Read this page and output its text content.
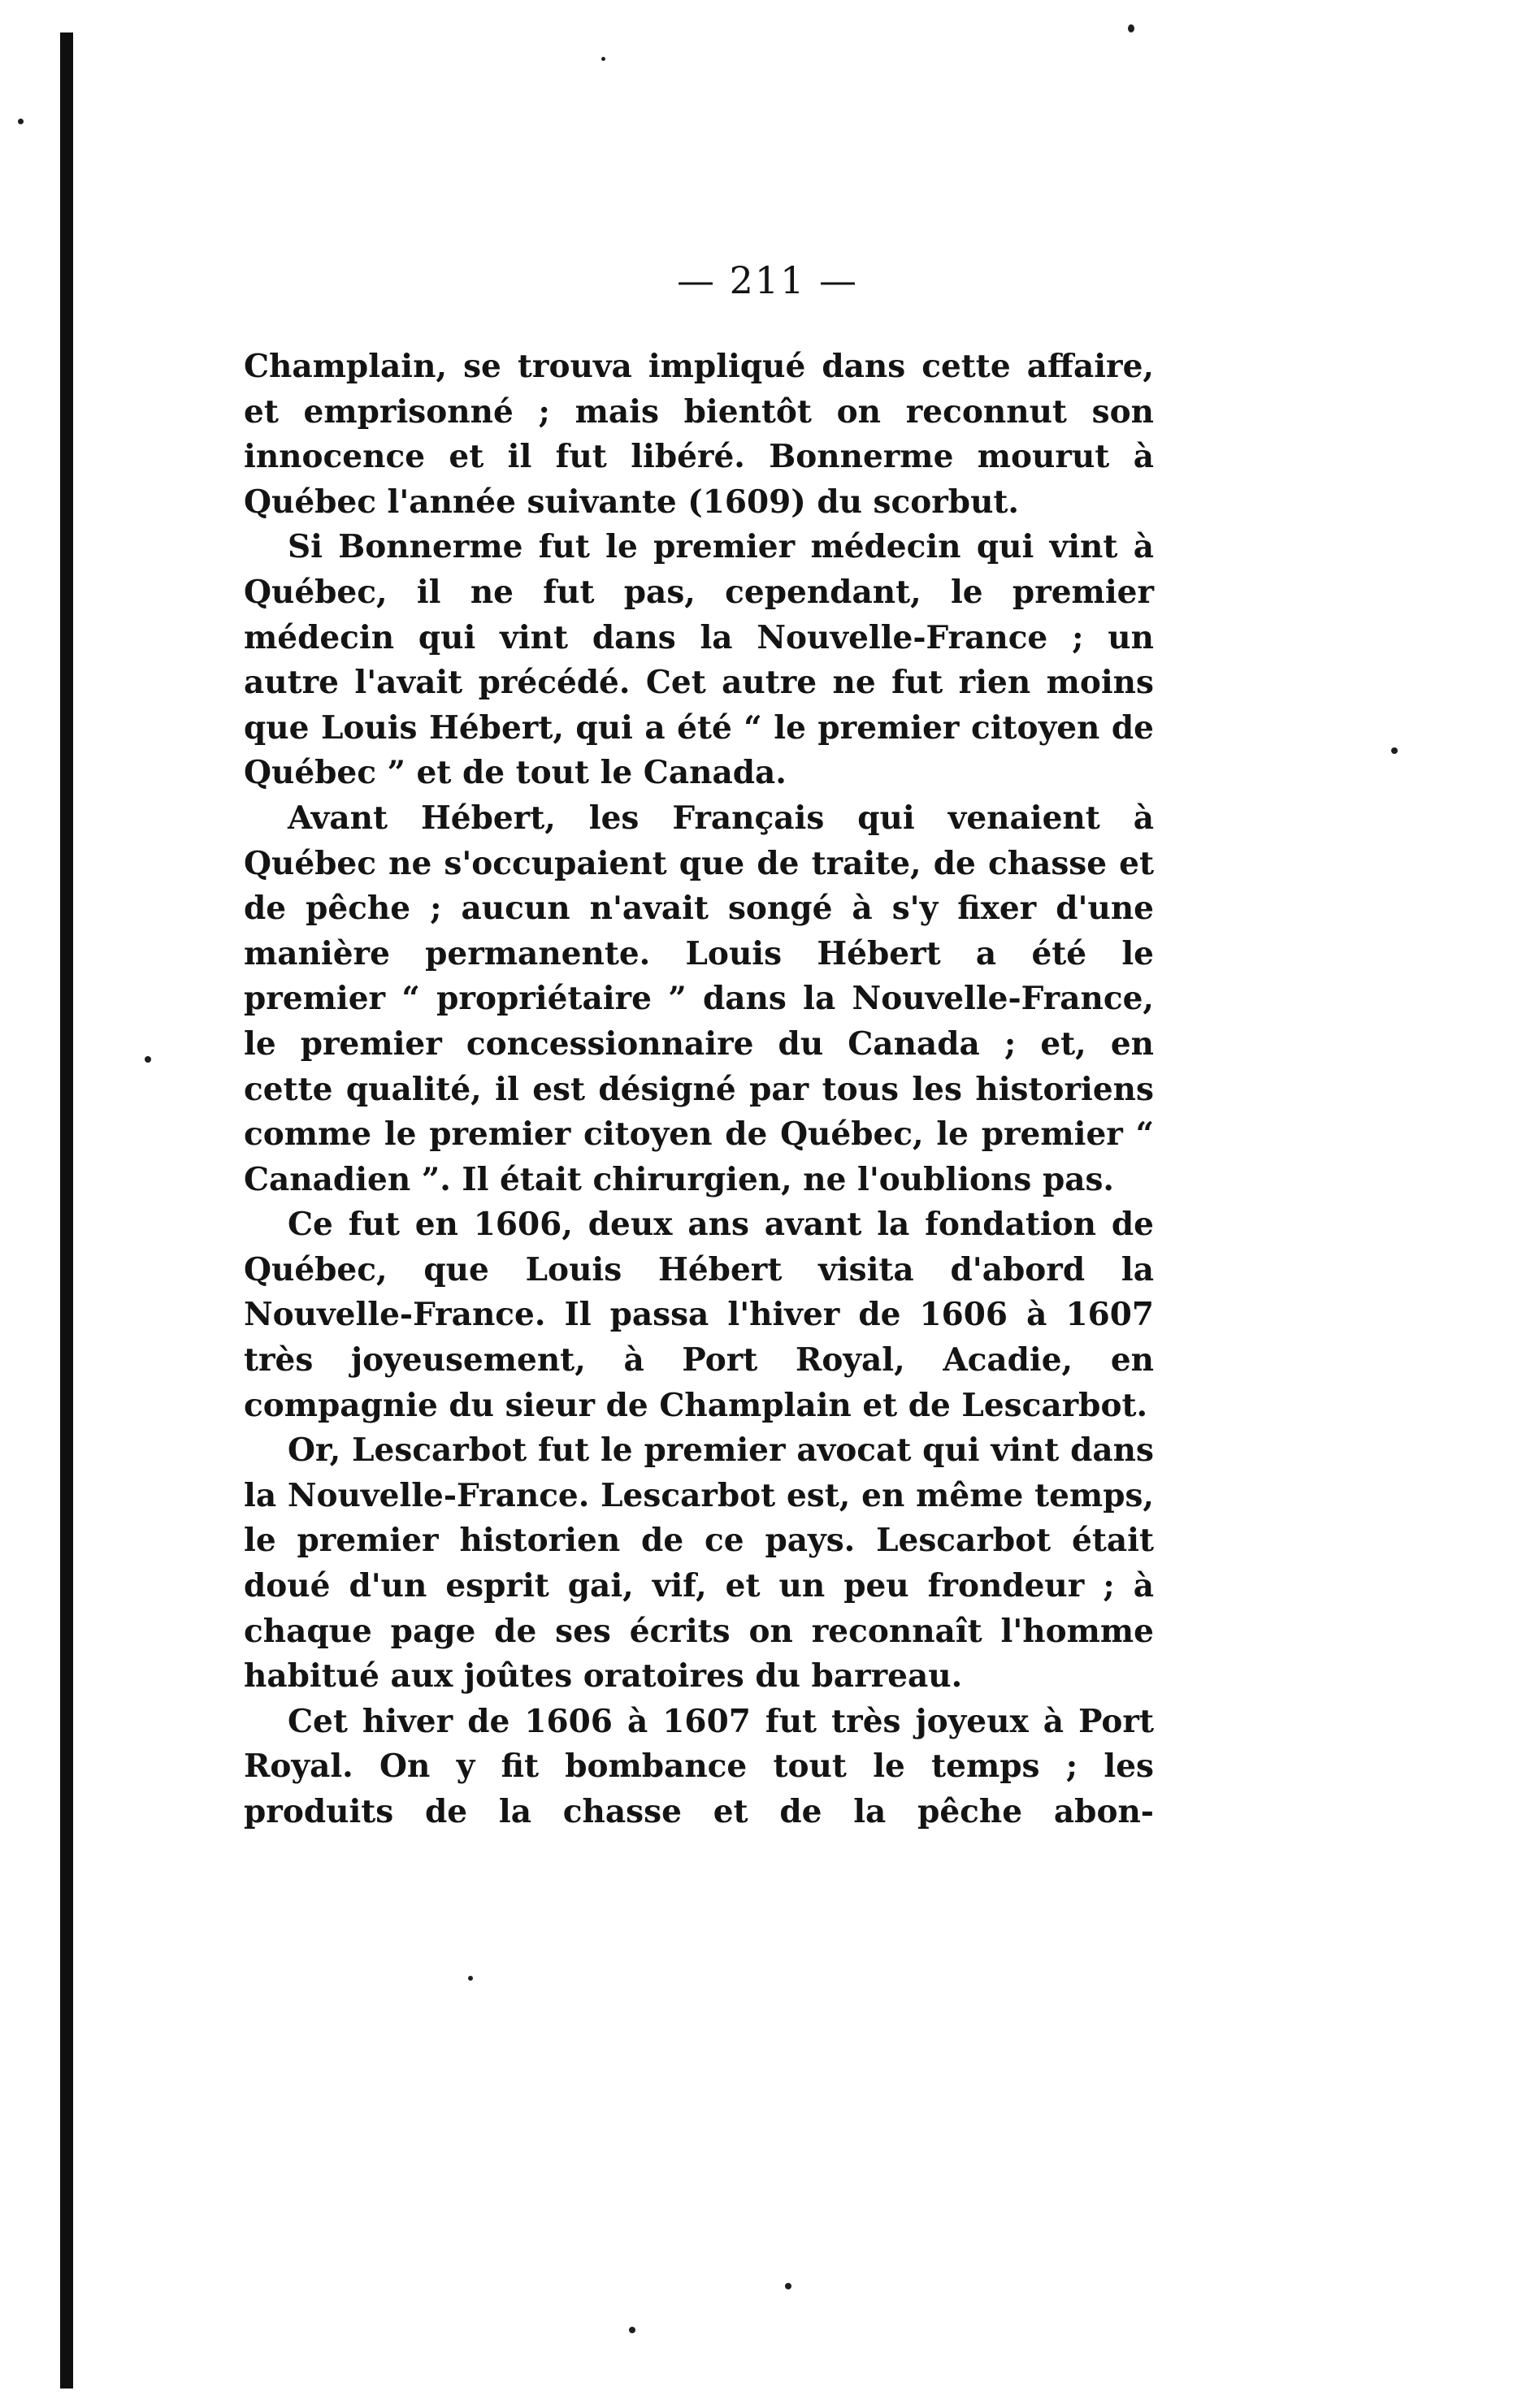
— 211 —

Champlain, se trouva impliqué dans cette affaire, et emprisonné ; mais bientôt on reconnut son innocence et il fut libéré. Bonnerme mourut à Québec l'année suivante (1609) du scorbut.

Si Bonnerme fut le premier médecin qui vint à Québec, il ne fut pas, cependant, le premier médecin qui vint dans la Nouvelle-France ; un autre l'avait précédé. Cet autre ne fut rien moins que Louis Hébert, qui a été “ le premier citoyen de Québec ” et de tout le Canada.

Avant Hébert, les Français qui venaient à Québec ne s'occupaient que de traite, de chasse et de pêche ; aucun n'avait songé à s'y fixer d'une manière permanente. Louis Hébert a été le premier “ propriétaire ” dans la Nouvelle-France, le premier concessionnaire du Canada ; et, en cette qualité, il est désigné par tous les historiens comme le premier citoyen de Québec, le premier “ Canadien ”. Il était chirurgien, ne l'oublions pas.

Ce fut en 1606, deux ans avant la fondation de Québec, que Louis Hébert visita d'abord la Nouvelle-France. Il passa l'hiver de 1606 à 1607 très joyeusement, à Port Royal, Acadie, en compagnie du sieur de Champlain et de Lescarbot.

Or, Lescarbot fut le premier avocat qui vint dans la Nouvelle-France. Lescarbot est, en même temps, le premier historien de ce pays. Lescarbot était doué d'un esprit gai, vif, et un peu frondeur ; à chaque page de ses écrits on reconnaît l'homme habitué aux joûtes oratoires du barreau.

Cet hiver de 1606 à 1607 fut très joyeux à Port Royal. On y fit bombance tout le temps ; les produits de la chasse et de la pêche abon-
